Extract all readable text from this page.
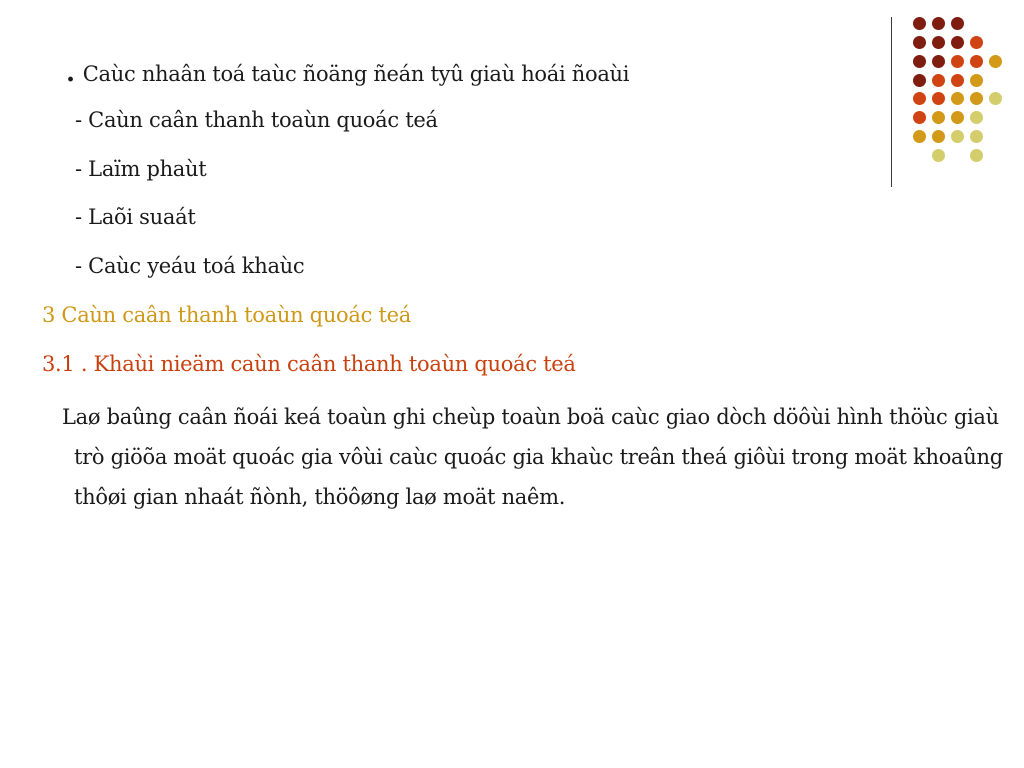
. Caùc nhaân toá taùc ñoäng ñeán tyû giaù hoái ñoaùi
- Caùn caân thanh toaùn quoác teá
- Laïm phaùt
- Laõi suaát
- Caùc yeáu toá khaùc
3 Caùn caân thanh toaùn quoác teá
3.1 . Khaùi nieäm caùn caân thanh toaùn quoác teá
Laø baûng caân ñoái keá toaùn ghi cheùp toaùn boä caùc giao dòch döôùi hình thöùc giaù trò giöõa moät quoác gia vôùi caùc quoác gia khaùc treân theá giôùi trong moät khoaûng thôøi gian nhaát ñònh, thöôøng laø moät naêm.
